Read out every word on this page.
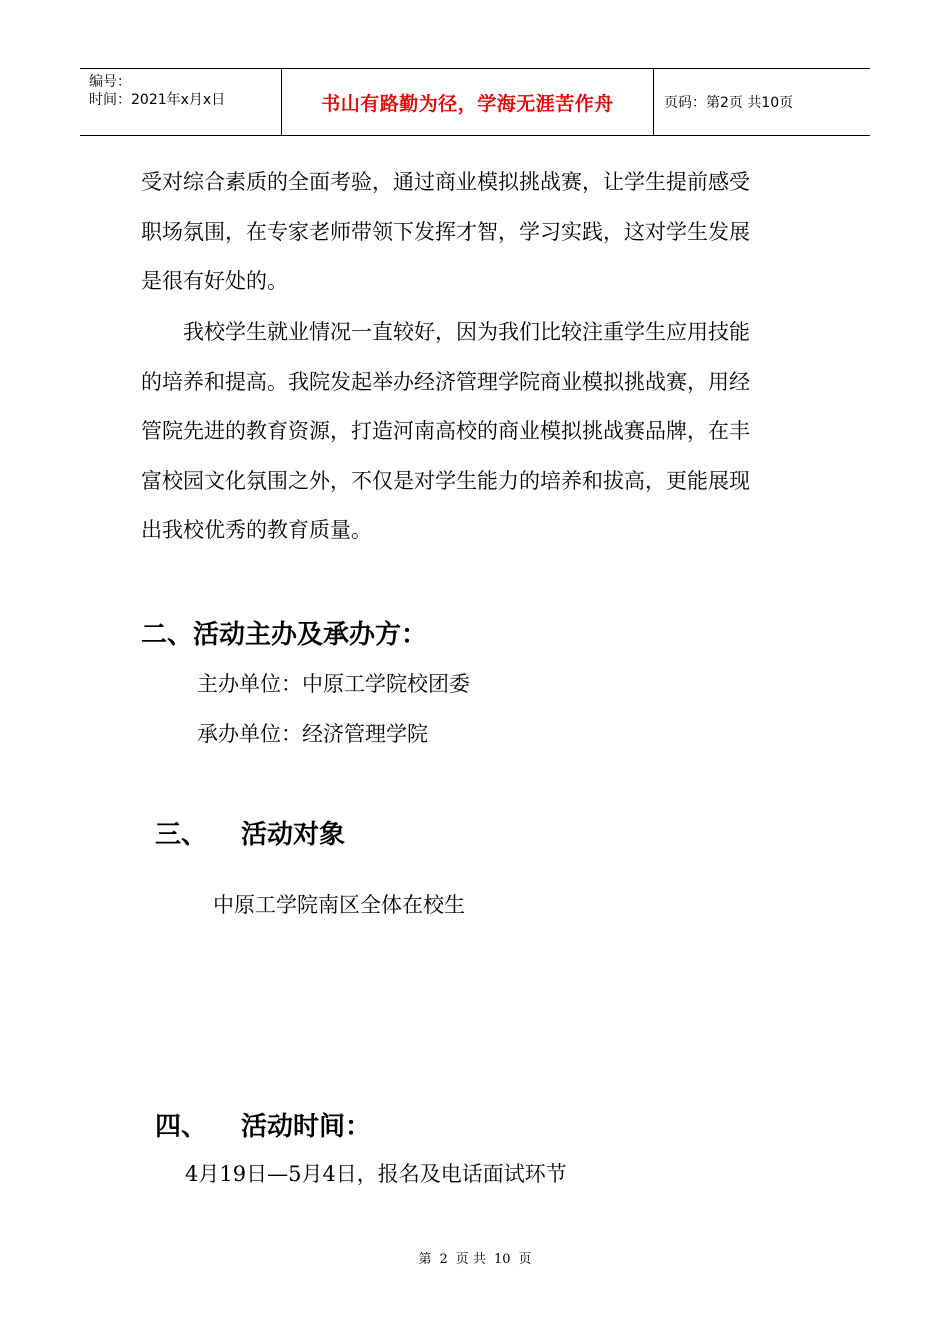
编号：
时间：2021年x月x日	书山有路勤为径，学海无涯苦作舟	页码：第2页 共10页

受对综合素质的全面考验，通过商业模拟挑战赛，让学生提前感受

职场氛围，在专家老师带领下发挥才智，学习实践，这对学生发展

是很有好处的。

我校学生就业情况一直较好，因为我们比较注重学生应用技能

的培养和提高。我院发起举办经济管理学院商业模拟挑战赛，用经

管院先进的教育资源，打造河南高校的商业模拟挑战赛品牌，在丰

富校园文化氛围之外，不仅是对学生能力的培养和拔高，更能展现

出我校优秀的教育质量。

二、活动主办及承办方：
主办单位：中原工学院校团委
承办单位：经济管理学院
三、 活动对象
中原工学院南区全体在校生
四、 活动时间：
4月19日—5月4日，报名及电话面试环节
第 2 页 共 10 页
